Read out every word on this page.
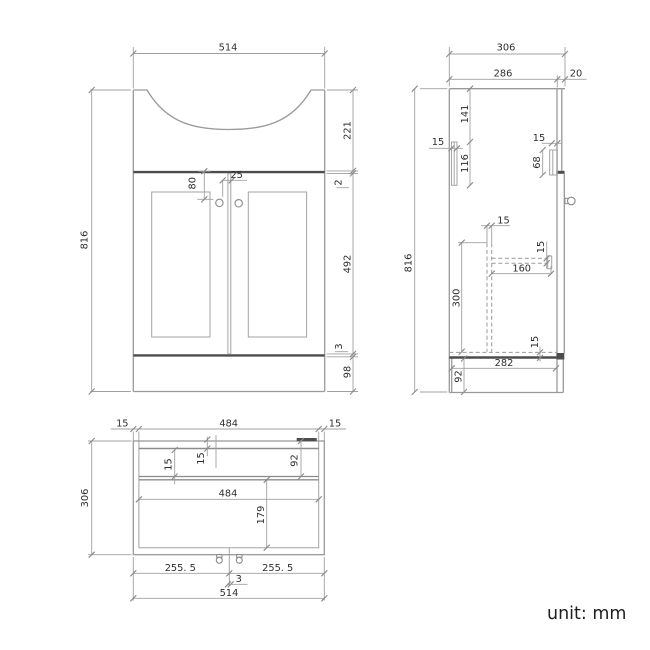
514
816
221
2
492
3
98
80
25
306
286	20
816
141
116
15	15
68
15
300
15
160
15
282
92
15	484	15
306
15 15	92
484
179
255. 5	255. 5
3
514
unit: mm
